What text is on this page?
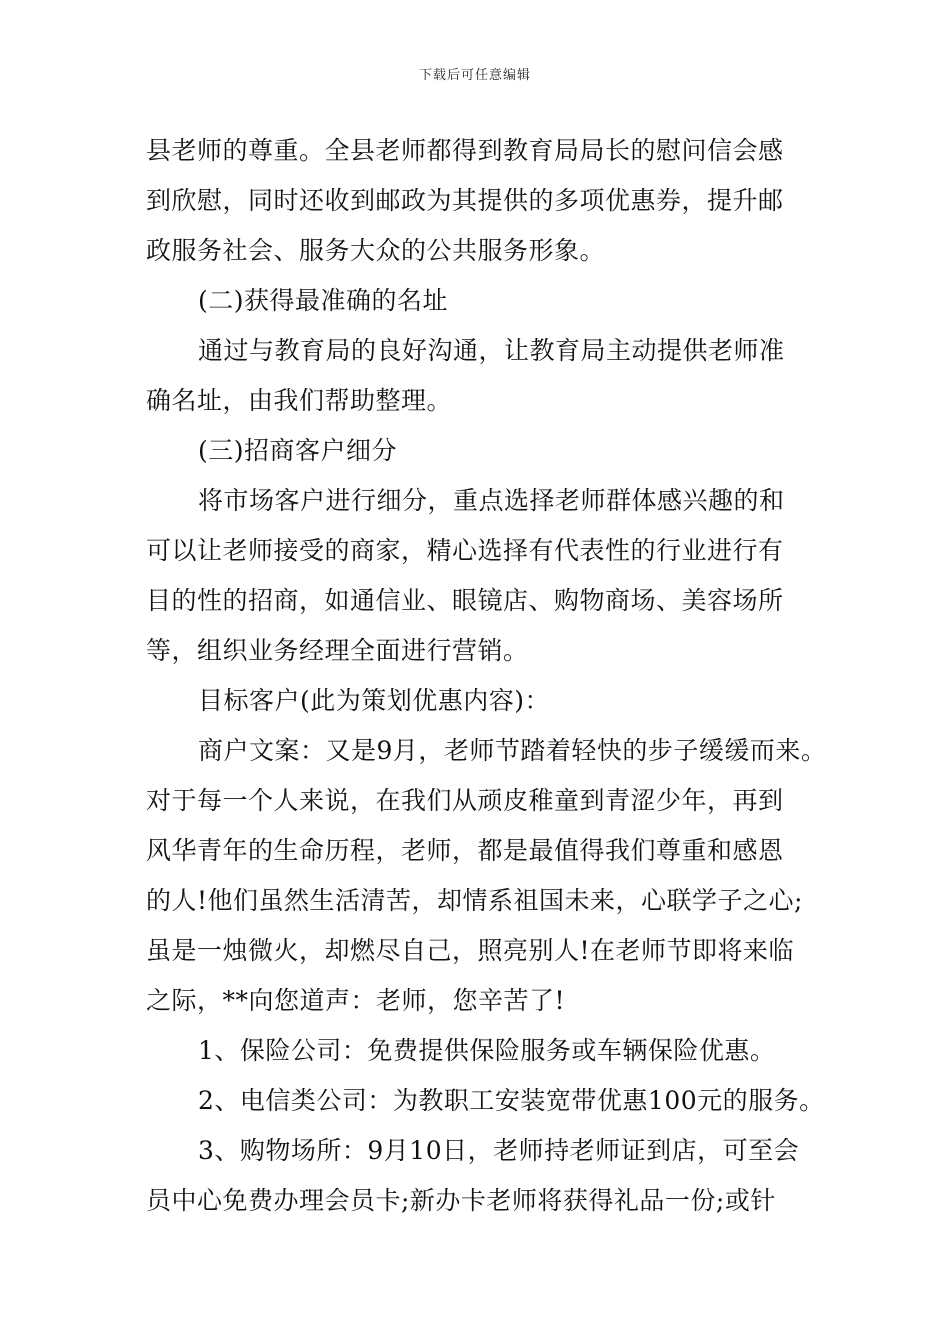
下载后可任意编辑
县老师的尊重。全县老师都得到教育局局长的慰问信会感
到欣慰，同时还收到邮政为其提供的多项优惠券，提升邮
政服务社会、服务大众的公共服务形象。
(二)获得最准确的名址
通过与教育局的良好沟通，让教育局主动提供老师准
确名址，由我们帮助整理。
(三)招商客户细分
将市场客户进行细分，重点选择老师群体感兴趣的和
可以让老师接受的商家，精心选择有代表性的行业进行有
目的性的招商，如通信业、眼镜店、购物商场、美容场所
等，组织业务经理全面进行营销。
目标客户(此为策划优惠内容)：
商户文案：又是9月，老师节踏着轻快的步子缓缓而来。
对于每一个人来说，在我们从顽皮稚童到青涩少年，再到
风华青年的生命历程，老师，都是最值得我们尊重和感恩
的人!他们虽然生活清苦，却情系祖国未来，心联学子之心;
虽是一烛微火，却燃尽自己，照亮别人!在老师节即将来临
之际，**向您道声：老师，您辛苦了!
1、保险公司：免费提供保险服务或车辆保险优惠。
2、电信类公司：为教职工安装宽带优惠100元的服务。
3、购物场所：9月10日，老师持老师证到店，可至会
员中心免费办理会员卡;新办卡老师将获得礼品一份;或针
